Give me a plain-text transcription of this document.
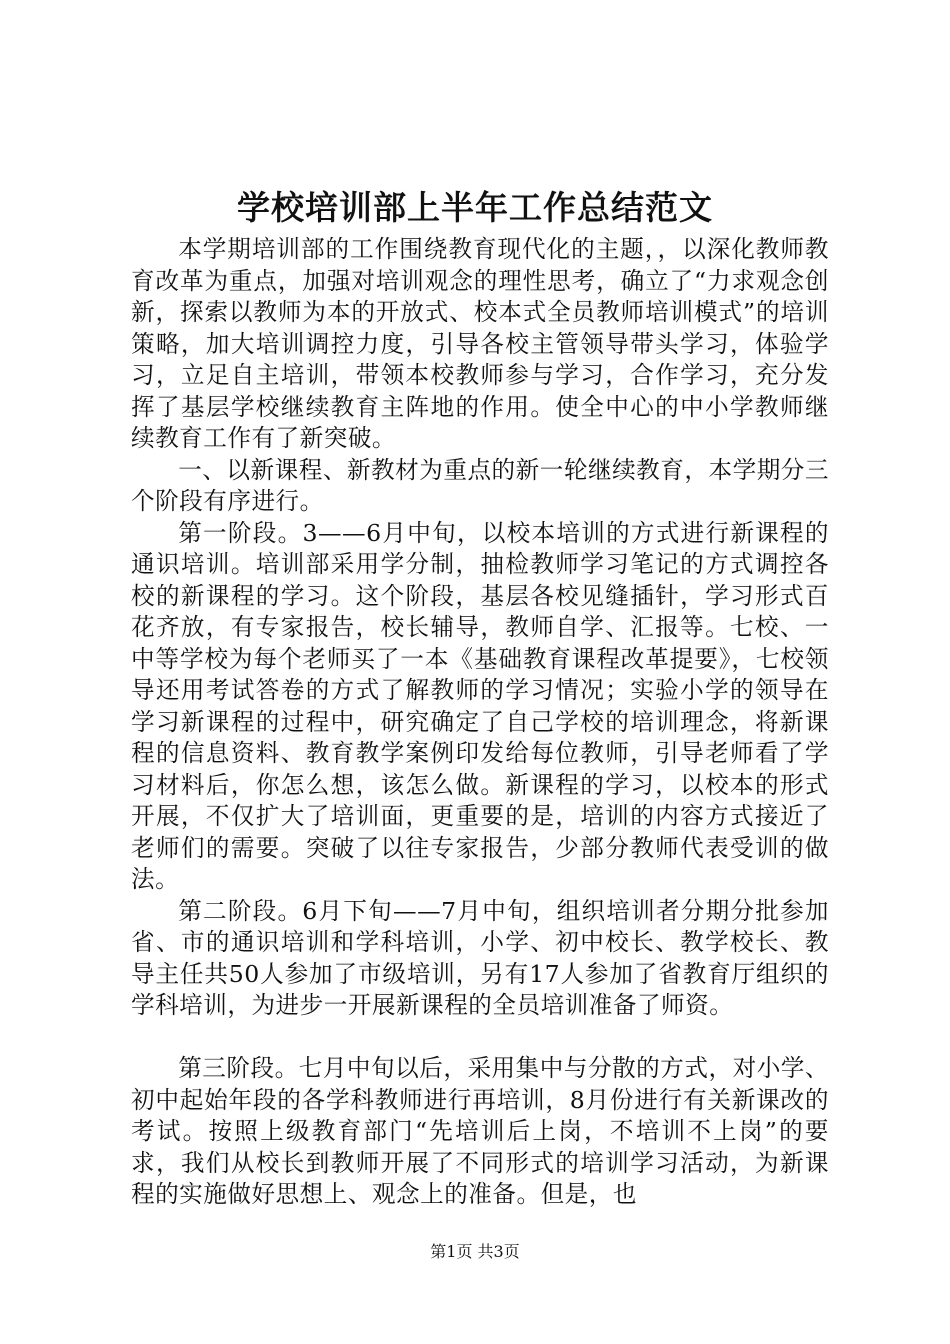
学校培训部上半年工作总结范文

本学期培训部的工作围绕教育现代化的主题，，以深化教师教育改革为重点，加强对培训观念的理性思考，确立了“力求观念创新，探索以教师为本的开放式、校本式全员教师培训模式”的培训策略，加大培训调控力度，引导各校主管领导带头学习，体验学习，立足自主培训，带领本校教师参与学习，合作学习，充分发挥了基层学校继续教育主阵地的作用。使全中心的中小学教师继续教育工作有了新突破。

一、以新课程、新教材为重点的新一轮继续教育，本学期分三个阶段有序进行。

第一阶段。3——6月中旬，以校本培训的方式进行新课程的通识培训。培训部采用学分制，抽检教师学习笔记的方式调控各校的新课程的学习。这个阶段，基层各校见缝插针，学习形式百花齐放，有专家报告，校长辅导，教师自学、汇报等。七校、一中等学校为每个老师买了一本《基础教育课程改革提要》，七校领导还用考试答卷的方式了解教师的学习情况；实验小学的领导在学习新课程的过程中，研究确定了自己学校的培训理念，将新课程的信息资料、教育教学案例印发给每位教师，引导老师看了学习材料后，你怎么想，该怎么做。新课程的学习，以校本的形式开展，不仅扩大了培训面，更重要的是，培训的内容方式接近了老师们的需要。突破了以往专家报告，少部分教师代表受训的做法。

第二阶段。6月下旬——7月中旬，组织培训者分期分批参加省、市的通识培训和学科培训，小学、初中校长、教学校长、教导主任共50人参加了市级培训，另有17人参加了省教育厅组织的学科培训，为进步一开展新课程的全员培训准备了师资。

第三阶段。七月中旬以后，采用集中与分散的方式，对小学、初中起始年段的各学科教师进行再培训，8月份进行有关新课改的考试。按照上级教育部门“先培训后上岗，不培训不上岗”的要求，我们从校长到教师开展了不同形式的培训学习活动，为新课程的实施做好思想上、观念上的准备。但是，也

第1页 共3页
